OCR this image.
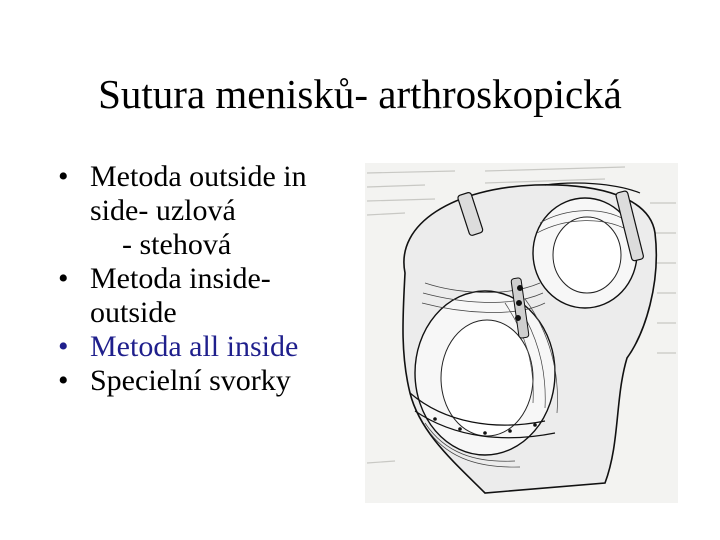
Sutura menisků- arthroskopická
• Metoda outside in
side- uzlová
- stehová
• Metoda inside-
outside
• Metoda all inside
• Specielní svorky
